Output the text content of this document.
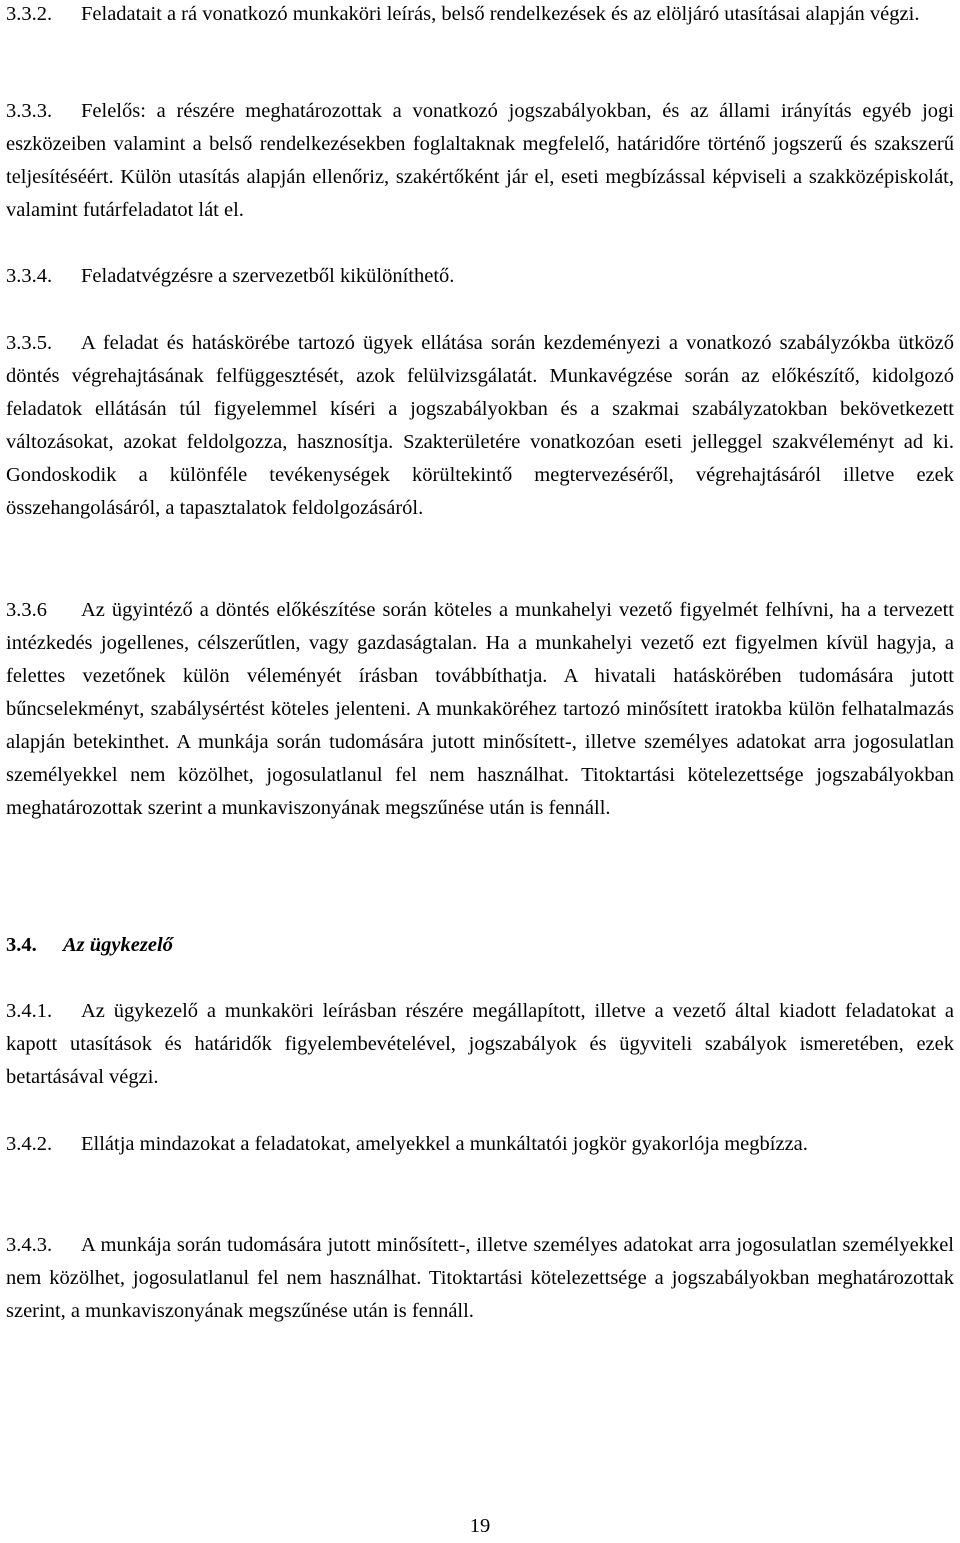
3.3.2. Feladatait a rá vonatkozó munkaköri leírás, belső rendelkezések és az elöljáró utasításai alapján végzi.

3.3.3. Felelős: a részére meghatározottak a vonatkozó jogszabályokban, és az állami irányítás egyéb jogi eszközeiben valamint a belső rendelkezésekben foglaltaknak megfelelő, határidőre történő jogszerű és szakszerű teljesítéséért. Külön utasítás alapján ellenőriz, szakértőként jár el, eseti megbízással képviseli a szakközépiskolát, valamint futárfeladatot lát el.

3.3.4. Feladatvégzésre a szervezetből kikülöníthető.

3.3.5. A feladat és hatáskörébe tartozó ügyek ellátása során kezdeményezi a vonatkozó szabályzókba ütköző döntés végrehajtásának felfüggesztését, azok felülvizsgálatát. Munkavégzése során az előkészítő, kidolgozó feladatok ellátásán túl figyelemmel kíséri a jogszabályokban és a szakmai szabályzatokban bekövetkezett változásokat, azokat feldolgozza, hasznosítja. Szakterületére vonatkozóan eseti jelleggel szakvéleményt ad ki. Gondoskodik a különféle tevékenységek körültekintő megtervezéséről, végrehajtásáról illetve ezek összehangolásáról, a tapasztalatok feldolgozásáról.

3.3.6 Az ügyintéző a döntés előkészítése során köteles a munkahelyi vezető figyelmét felhívni, ha a tervezett intézkedés jogellenes, célszerűtlen, vagy gazdaságtalan. Ha a munkahelyi vezető ezt figyelmen kívül hagyja, a felettes vezetőnek külön véleményét írásban továbbíthatja. A hivatali hatáskörében tudomására jutott bűncselekményt, szabálysértést köteles jelenteni. A munkaköréhez tartozó minősített iratokba külön felhatalmazás alapján betekinthet. A munkája során tudomására jutott minősített-, illetve személyes adatokat arra jogosulatlan személyekkel nem közölhet, jogosulatlanul fel nem használhat. Titoktartási kötelezettsége jogszabályokban meghatározottak szerint a munkaviszonyának megszűnése után is fennáll.

3.4. Az ügykezelő

3.4.1. Az ügykezelő a munkaköri leírásban részére megállapított, illetve a vezető által kiadott feladatokat a kapott utasítások és határidők figyelembevételével, jogszabályok és ügyviteli szabályok ismeretében, ezek betartásával végzi.

3.4.2. Ellátja mindazokat a feladatokat, amelyekkel a munkáltatói jogkör gyakorlója megbízza.

3.4.3. A munkája során tudomására jutott minősített-, illetve személyes adatokat arra jogosulatlan személyekkel nem közölhet, jogosulatlanul fel nem használhat. Titoktartási kötelezettsége a jogszabályokban meghatározottak szerint, a munkaviszonyának megszűnése után is fennáll.

19
